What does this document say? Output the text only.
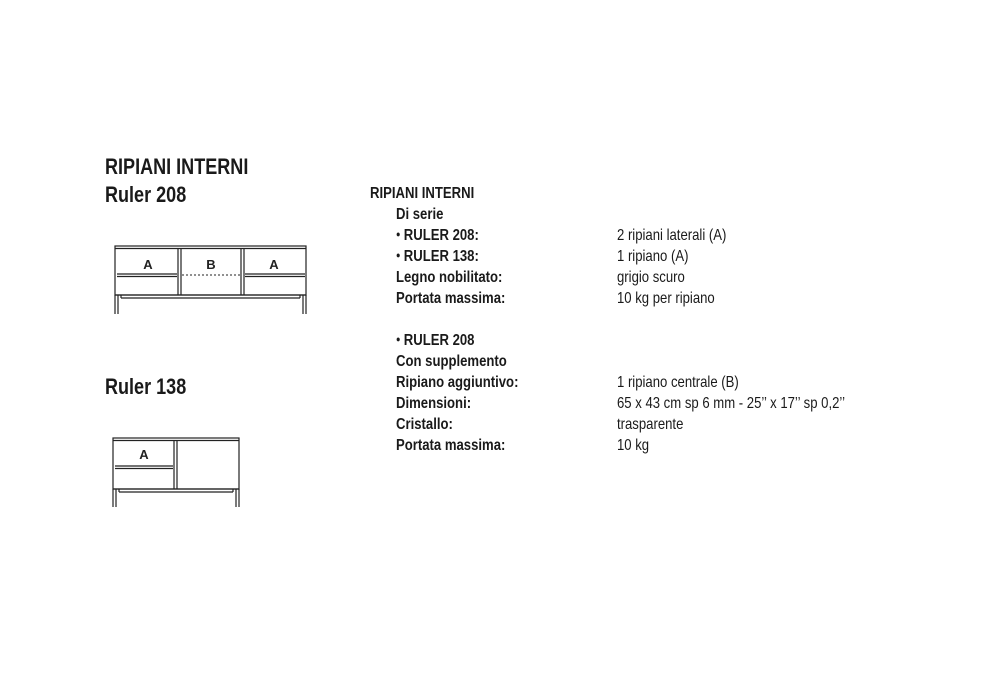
RIPIANI INTERNI
Ruler 208
Ruler 138
A	B	A
A
RIPIANI INTERNI
Di serie
● RULER 208:	2 ripiani laterali (A)
● RULER 138:	1 ripiano (A)
Legno nobilitato:	grigio scuro
Portata massima:	10 kg per ripiano
● RULER 208
Con supplemento
Ripiano aggiuntivo:	1 ripiano centrale (B)
Dimensioni:	65 x 43 cm sp 6 mm - 25’’ x 17’’ sp 0,2’’
Cristallo:	trasparente
Portata massima:	10 kg
